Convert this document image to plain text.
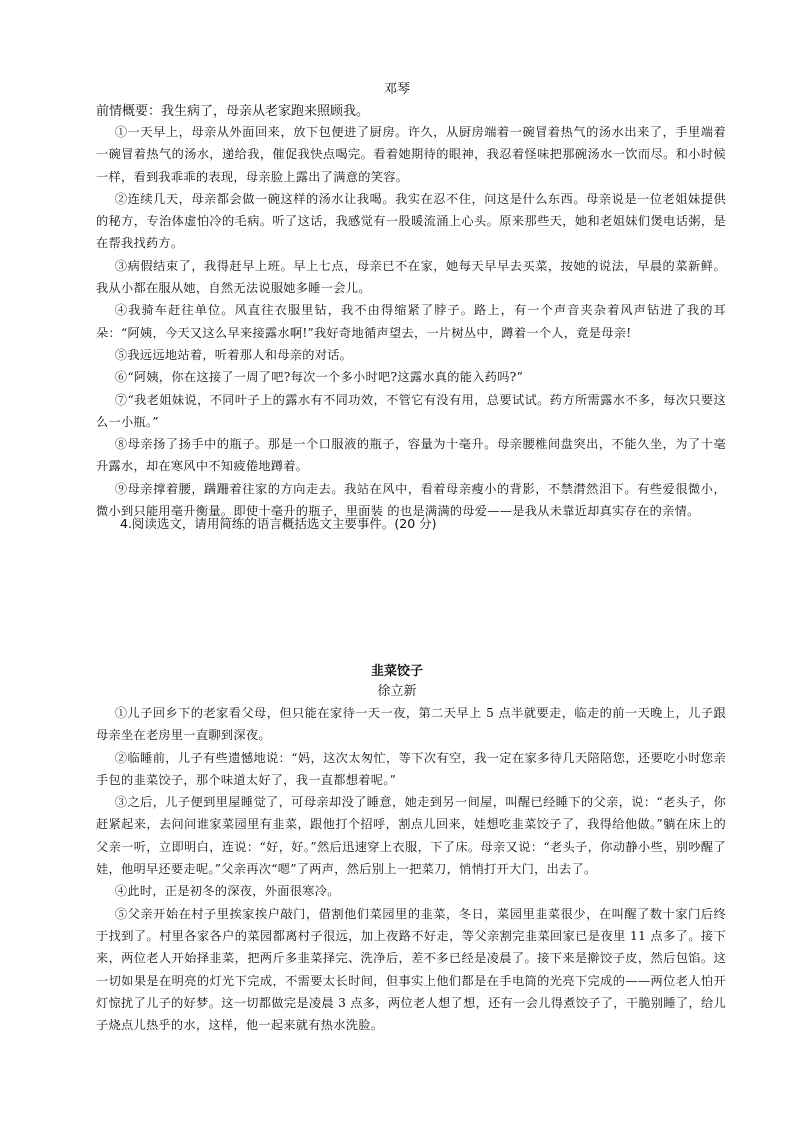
邓琴
前情概要：我生病了，母亲从老家跑来照顾我。

①一天早上，母亲从外面回来，放下包便进了厨房。许久，从厨房端着一碗冒着热气的汤水出来了，手里端着一碗冒着热气的汤水，递给我，催促我快点喝完。看着她期待的眼神，我忍着怪味把那碗汤水一饮而尽。和小时候一样，看到我乖乖的表现，母亲脸上露出了满意的笑容。

②连续几天，母亲都会做一碗这样的汤水让我喝。我实在忍不住，问这是什么东西。母亲说是一位老姐妹提供的秘方，专治体虚怕冷的毛病。听了这话，我感觉有一股暖流涌上心头。原来那些天，她和老姐妹们煲电话粥，是在帮我找药方。

③病假结束了，我得赶早上班。早上七点，母亲已不在家，她每天早早去买菜，按她的说法，早晨的菜新鲜。我从小都在服从她，自然无法说服她多睡一会儿。

④我骑车赶往单位。风直往衣服里钻，我不由得缩紧了脖子。路上，有一个声音夹杂着风声钻进了我的耳朵：“阿姨，今天又这么早来接露水啊!”我好奇地循声望去，一片树丛中，蹲着一个人，竟是母亲!

⑤我远远地站着，听着那人和母亲的对话。

⑥“阿姨，你在这接了一周了吧?每次一个多小时吧?这露水真的能入药吗?”

⑦“我老姐妹说，不同叶子上的露水有不同功效，不管它有没有用，总要试试。药方所需露水不多，每次只要这么一小瓶。”

⑧母亲扬了扬手中的瓶子。那是一个口服液的瓶子，容量为十毫升。母亲腰椎间盘突出，不能久坐，为了十毫升露水，却在寒风中不知疲倦地蹲着。

⑨母亲撑着腰，蹒跚着往家的方向走去。我站在风中，看着母亲瘦小的背影，不禁潸然泪下。有些爱很微小，微小到只能用毫升衡量。即使十毫升的瓶子，里面装 的也是满满的母爱——是我从未靠近却真实存在的亲情。

4.阅读选文，请用简练的语言概括选文主要事件。(20 分)
韭菜饺子
徐立新

①儿子回乡下的老家看父母，但只能在家待一天一夜，第二天早上 5 点半就要走，临走的前一天晚上，儿子跟母亲坐在老房里一直聊到深夜。

②临睡前，儿子有些遗憾地说：“妈，这次太匆忙，等下次有空，我一定在家多待几天陪陪您，还要吃小时您亲手包的韭菜饺子，那个味道太好了，我一直都想着呢。”

③之后，儿子便到里屋睡觉了，可母亲却没了睡意，她走到另一间屋，叫醒已经睡下的父亲，说：“老头子，你赶紧起来，去问问谁家菜园里有韭菜，跟他打个招呼，割点儿回来，娃想吃韭菜饺子了，我得给他做。”躺在床上的父亲一听，立即明白，连说：“好，好。”然后迅速穿上衣服，下了床。母亲又说：“老头子，你动静小些，别吵醒了娃，他明早还要走呢。”父亲再次“嗯”了两声，然后别上一把菜刀，悄悄打开大门，出去了。

④此时，正是初冬的深夜，外面很寒冷。

⑤父亲开始在村子里挨家挨户敲门，借割他们菜园里的韭菜，冬日，菜园里韭菜很少，在叫醒了数十家门后终于找到了。村里各家各户的菜园都离村子很远，加上夜路不好走，等父亲割完韭菜回家已是夜里 11 点多了。接下来，两位老人开始择韭菜，把两斤多韭菜择完、洗净后，差不多已经是凌晨了。接下来是擀饺子皮，然后包馅。这一切如果是在明亮的灯光下完成，不需要太长时间，但事实上他们都是在手电筒的光亮下完成的——两位老人怕开灯惊扰了儿子的好梦。这一切都做完是凌晨 3 点多，两位老人想了想，还有一会儿得煮饺子了，干脆别睡了，给儿子烧点儿热乎的水，这样，他一起来就有热水洗脸。
